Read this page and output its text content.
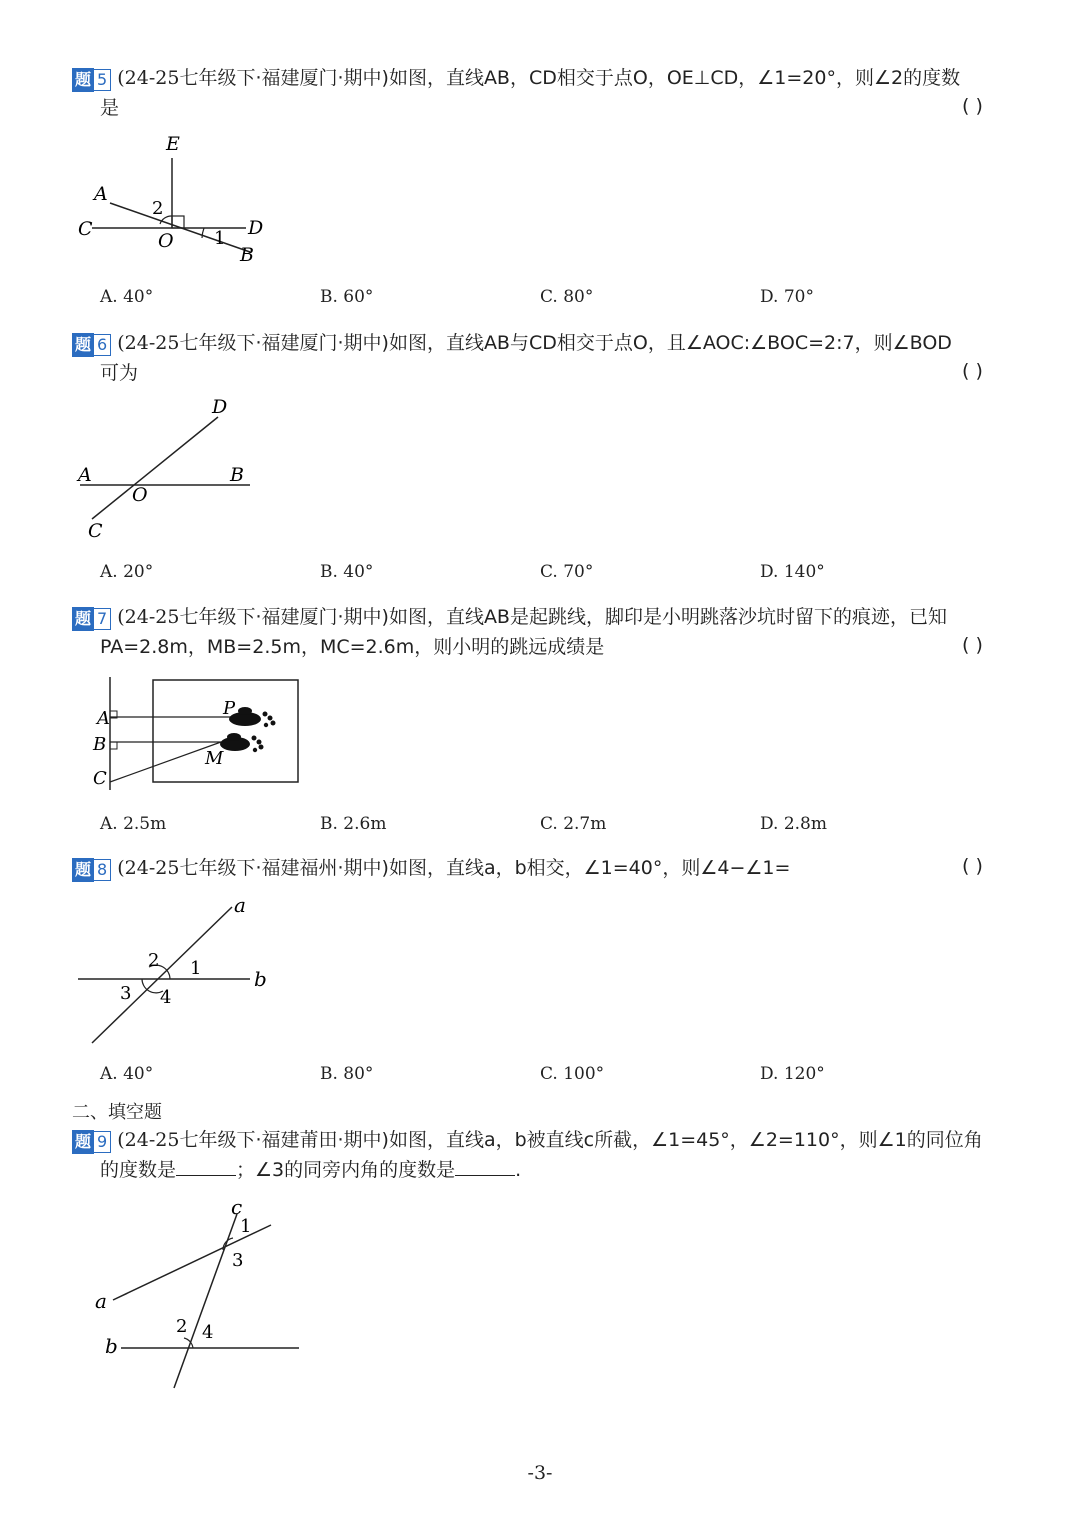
题 5 (24-25七年级下·福建厦门·期中)如图，直线AB，CD相交于点O，OE⊥CD，∠1=20°，则∠2的度数
是	( )
E
A
C	D
O
B
2
1
A. 40°	B. 60°	C. 80°	D. 70°
题 6 (24-25七年级下·福建厦门·期中)如图，直线AB与CD相交于点O，且∠AOC:∠BOC=2:7，则∠BOD
可为	( )
D
A	B
O
C
A. 20°	B. 40°	C. 70°	D. 140°
题 7 (24-25七年级下·福建厦门·期中)如图，直线AB是起跳线，脚印是小明跳落沙坑时留下的痕迹，已知
PA=2.8m，MB=2.5m，MC=2.6m，则小明的跳远成绩是	( )
A
B
C
P
M
A. 2.5m	B. 2.6m	C. 2.7m	D. 2.8m
题 8 (24-25七年级下·福建福州·期中)如图，直线a，b相交，∠1=40°，则∠4−∠1=	( )
a
b
2 1
3 4
A. 40°	B. 80°	C. 100°	D. 120°
二、填空题
题 9 (24-25七年级下·福建莆田·期中)如图，直线a，b被直线c所截，∠1=45°，∠2=110°，则∠1的同位角
的度数是	；∠3的同旁内角的度数是	.
c
a
b
1
3
2 4
-3-
